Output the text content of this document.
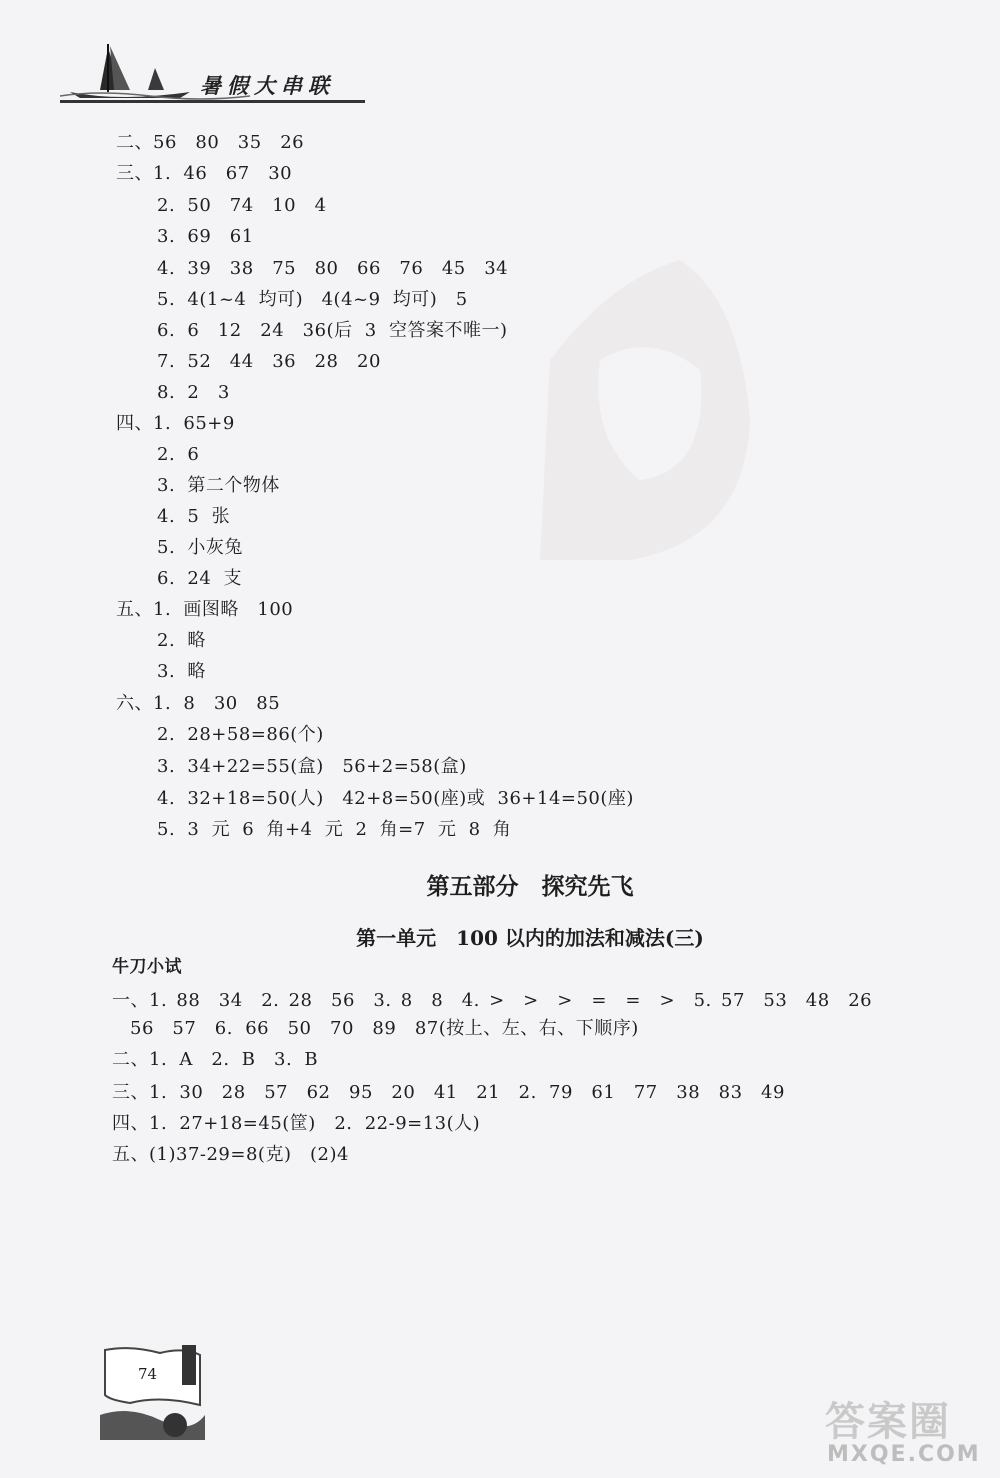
暑假大串联
二、56　80　35　26
三、1. 46　67　30
2. 50　74　10　4
3. 69　61
4. 39　38　75　80　66　76　45　34
5. 4(1~4 均可)　4(4~9 均可)　5
6. 6　12　24　36(后 3 空答案不唯一)
7. 52　44　36　28　20
8. 2　3
四、1. 65+9
2. 6
3. 第二个物体
4. 5 张
5. 小灰兔
6. 24 支
五、1. 画图略　100
2. 略
3. 略
六、1. 8　30　85
2. 28+58=86(个)
3. 34+22=55(盒)　56+2=58(盒)
4. 32+18=50(人)　42+8=50(座)或 36+14=50(座)
5. 3 元 6 角+4 元 2 角=7 元 8 角
第五部分　探究先飞
第一单元　100 以内的加法和减法(三)
牛刀小试
一、1. 88　34　2. 28　56　3. 8　8　4. >　>　>　=　=　>　5. 57　53　48　26
56　57　6. 66　50　70　89　87(按上、左、右、下顺序)
二、1. A　2. B　3. B
三、1. 30　28　57　62　95　20　41　21　2. 79　61　77　38　83　49
四、1. 27+18=45(筐)　2. 22-9=13(人)
五、(1)37-29=8(克)　(2)4
74
答案圈
MXQE.COM
